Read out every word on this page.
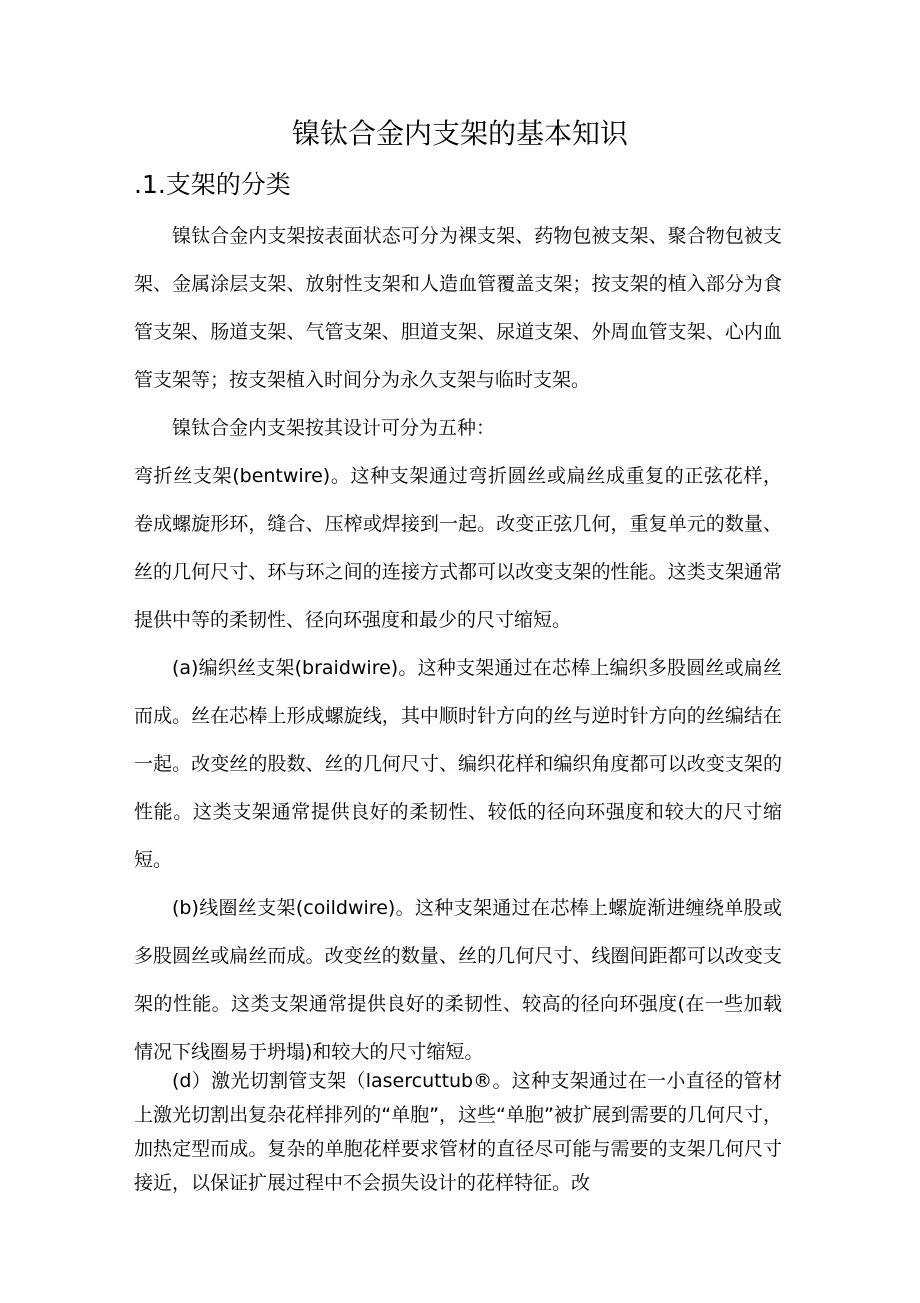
镍钛合金内支架的基本知识
.1.支架的分类

镍钛合金内支架按表面状态可分为裸支架、药物包被支架、聚合物包被支架、金属涂层支架、放射性支架和人造血管覆盖支架；按支架的植入部分为食管支架、肠道支架、气管支架、胆道支架、尿道支架、外周血管支架、心内血管支架等；按支架植入时间分为永久支架与临时支架。

镍钛合金内支架按其设计可分为五种：

弯折丝支架(bentwire)。这种支架通过弯折圆丝或扁丝成重复的正弦花样，卷成螺旋形环，缝合、压榨或焊接到一起。改变正弦几何，重复单元的数量、丝的几何尺寸、环与环之间的连接方式都可以改变支架的性能。这类支架通常提供中等的柔韧性、径向环强度和最少的尺寸缩短。

(a)编织丝支架(braidwire)。这种支架通过在芯棒上编织多股圆丝或扁丝而成。丝在芯棒上形成螺旋线，其中顺时针方向的丝与逆时针方向的丝编结在一起。改变丝的股数、丝的几何尺寸、编织花样和编织角度都可以改变支架的性能。这类支架通常提供良好的柔韧性、较低的径向环强度和较大的尺寸缩短。

(b)线圈丝支架(coildwire)。这种支架通过在芯棒上螺旋渐进缠绕单股或多股圆丝或扁丝而成。改变丝的数量、丝的几何尺寸、线圈间距都可以改变支架的性能。这类支架通常提供良好的柔韧性、较高的径向环强度(在一些加载情况下线圈易于坍塌)和较大的尺寸缩短。

(d）激光切割管支架（lasercuttub®。这种支架通过在一小直径的管材上激光切割出复杂花样排列的“单胞”，这些“单胞”被扩展到需要的几何尺寸，加热定型而成。复杂的单胞花样要求管材的直径尽可能与需要的支架几何尺寸接近，以保证扩展过程中不会损失设计的花样特征。改
